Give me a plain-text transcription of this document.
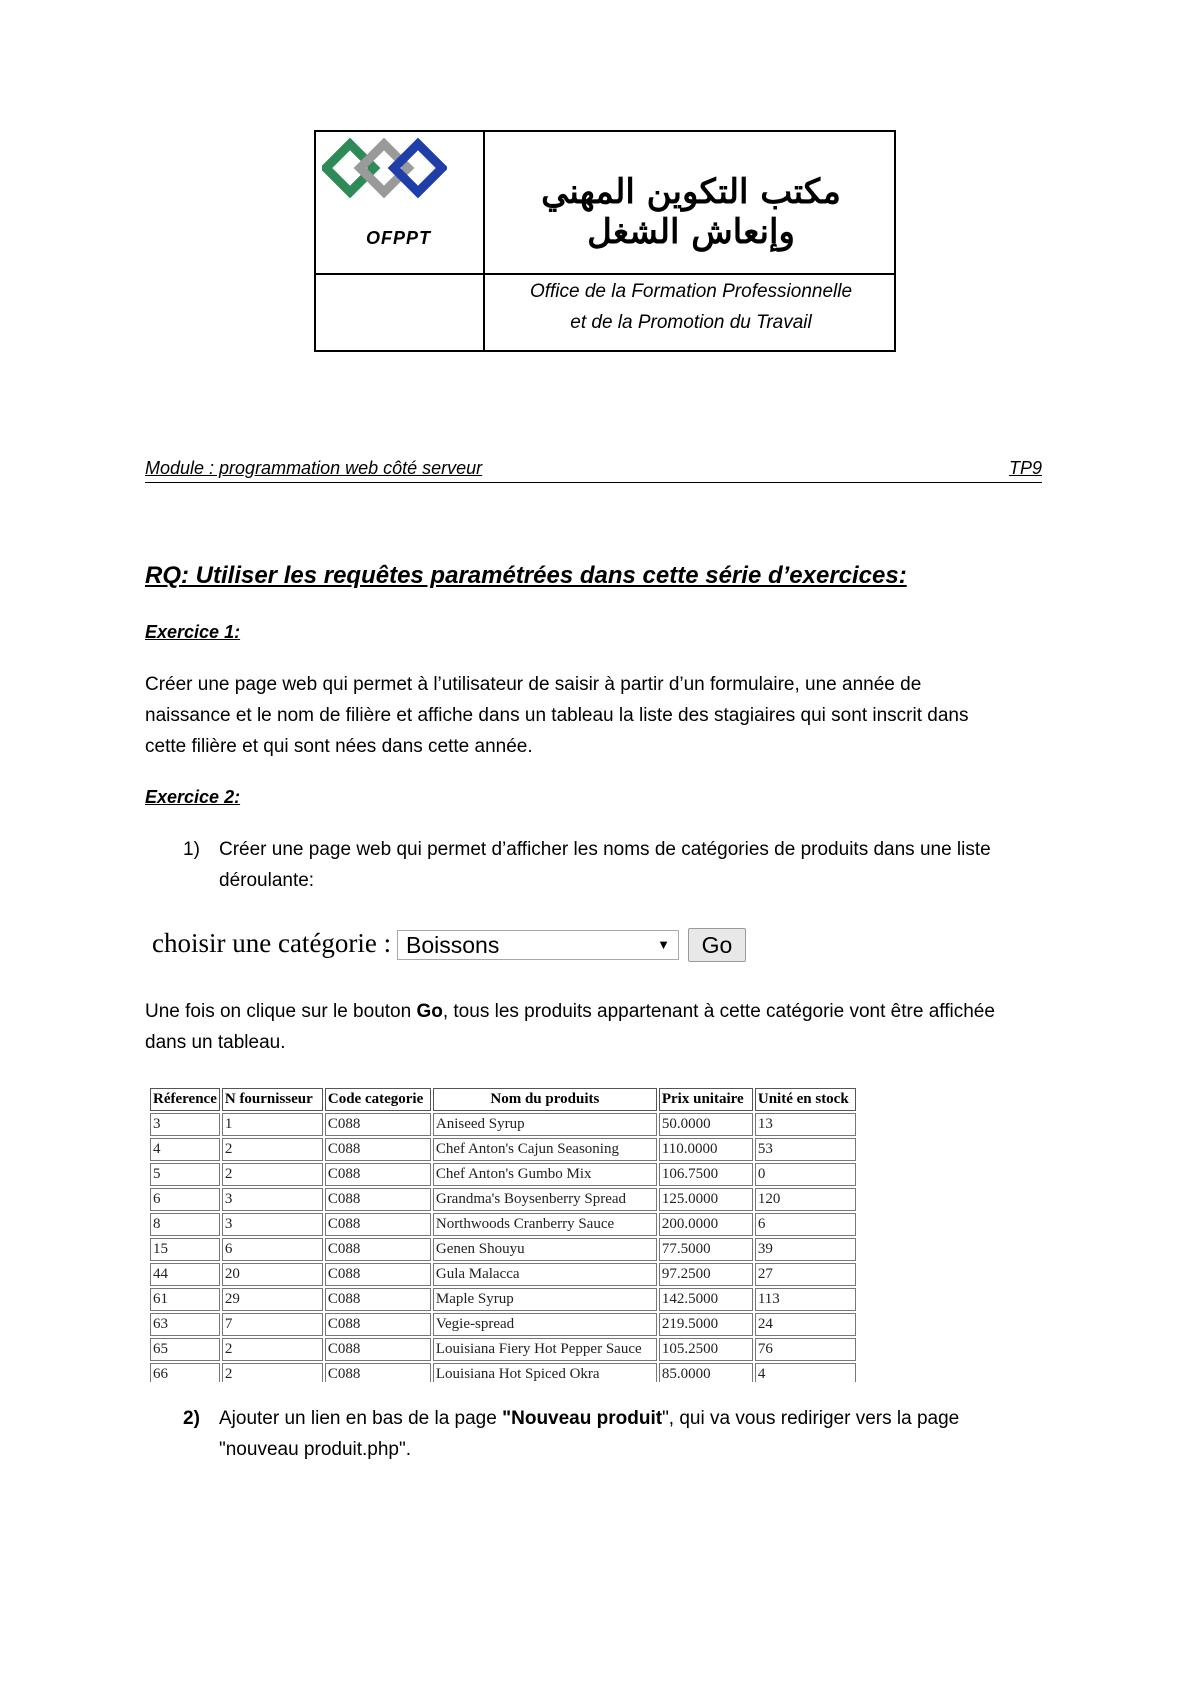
OFPPT
مكتب التكوين المهني وإنعاش الشغل
Office de la Formation Professionnelle
et de la Promotion du Travail
Module : programmation web côté serveur	TP9
RQ: Utiliser les requêtes paramétrées dans cette série d’exercices:
Exercice 1:
Créer une page web qui permet à l’utilisateur de saisir à partir d’un formulaire, une année de
naissance et le nom de filière et affiche dans un tableau la liste des stagiaires qui sont inscrit dans
cette filière et qui sont nées dans cette année.
Exercice 2:
1) Créer une page web qui permet d’afficher les noms de catégories de produits dans une liste
déroulante:
choisir une catégorie : Boissons	▼	Go
Une fois on clique sur le bouton Go, tous les produits appartenant à cette catégorie vont être affichée
dans un tableau.
Réference	N fournisseur	Code categorie	Nom du produits	Prix unitaire	Unité en stock
3	1	C088	Aniseed Syrup	50.0000	13
4	2	C088	Chef Anton's Cajun Seasoning	110.0000	53
5	2	C088	Chef Anton's Gumbo Mix	106.7500	0
6	3	C088	Grandma's Boysenberry Spread	125.0000	120
8	3	C088	Northwoods Cranberry Sauce	200.0000	6
15	6	C088	Genen Shouyu	77.5000	39
44	20	C088	Gula Malacca	97.2500	27
61	29	C088	Maple Syrup	142.5000	113
63	7	C088	Vegie-spread	219.5000	24
65	2	C088	Louisiana Fiery Hot Pepper Sauce	105.2500	76
66	2	C088	Louisiana Hot Spiced Okra	85.0000	4
2) Ajouter un lien en bas de la page "Nouveau produit", qui va vous rediriger vers la page
"nouveau produit.php".
